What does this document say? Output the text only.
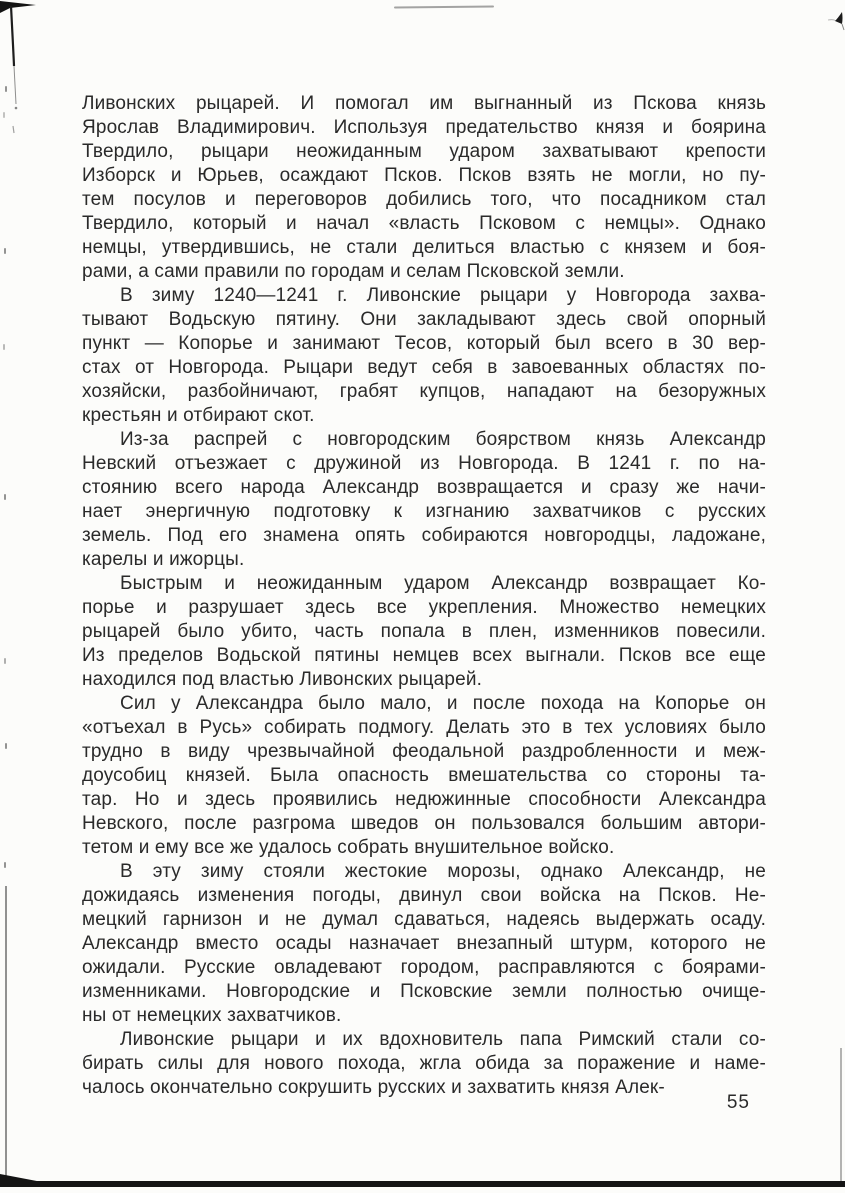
Ливонских рыцарей. И помогал им выгнанный из Пскова князь
Ярослав Владимирович. Используя предательство князя и боярина
Твердило, рыцари неожиданным ударом захватывают крепости
Изборск и Юрьев, осаждают Псков. Псков взять не могли, но пу-
тем посулов и переговоров добились того, что посадником стал
Твердило, который и начал «власть Псковом с немцы». Однако
немцы, утвердившись, не стали делиться властью с князем и боя-
рами, а сами правили по городам и селам Псковской земли.
В зиму 1240—1241 г. Ливонские рыцари у Новгорода захва-
тывают Водьскую пятину. Они закладывают здесь свой опорный
пункт — Копорье и занимают Тесов, который был всего в 30 вер-
стах от Новгорода. Рыцари ведут себя в завоеванных областях по-
хозяйски, разбойничают, грабят купцов, нападают на безоружных
крестьян и отбирают скот.
Из-за распрей с новгородским боярством князь Александр
Невский отъезжает с дружиной из Новгорода. В 1241 г. по на-
стоянию всего народа Александр возвращается и сразу же начи-
нает энергичную подготовку к изгнанию захватчиков с русских
земель. Под его знамена опять собираются новгородцы, ладожане,
карелы и ижорцы.
Быстрым и неожиданным ударом Александр возвращает Ко-
порье и разрушает здесь все укрепления. Множество немецких
рыцарей было убито, часть попала в плен, изменников повесили.
Из пределов Водьской пятины немцев всех выгнали. Псков все еще
находился под властью Ливонских рыцарей.
Сил у Александра было мало, и после похода на Копорье он
«отъехал в Русь» собирать подмогу. Делать это в тех условиях было
трудно в виду чрезвычайной феодальной раздробленности и меж-
доусобиц князей. Была опасность вмешательства со стороны та-
тар. Но и здесь проявились недюжинные способности Александра
Невского, после разгрома шведов он пользовался большим автори-
тетом и ему все же удалось собрать внушительное войско.
В эту зиму стояли жестокие морозы, однако Александр, не
дожидаясь изменения погоды, двинул свои войска на Псков. Не-
мецкий гарнизон и не думал сдаваться, надеясь выдержать осаду.
Александр вместо осады назначает внезапный штурм, которого не
ожидали. Русские овладевают городом, расправляются с боярами-
изменниками. Новгородские и Псковские земли полностью очище-
ны от немецких захватчиков.
Ливонские рыцари и их вдохновитель папа Римский стали со-
бирать силы для нового похода, жгла обида за поражение и наме-
чалось окончательно сокрушить русских и захватить князя Алек-
55
